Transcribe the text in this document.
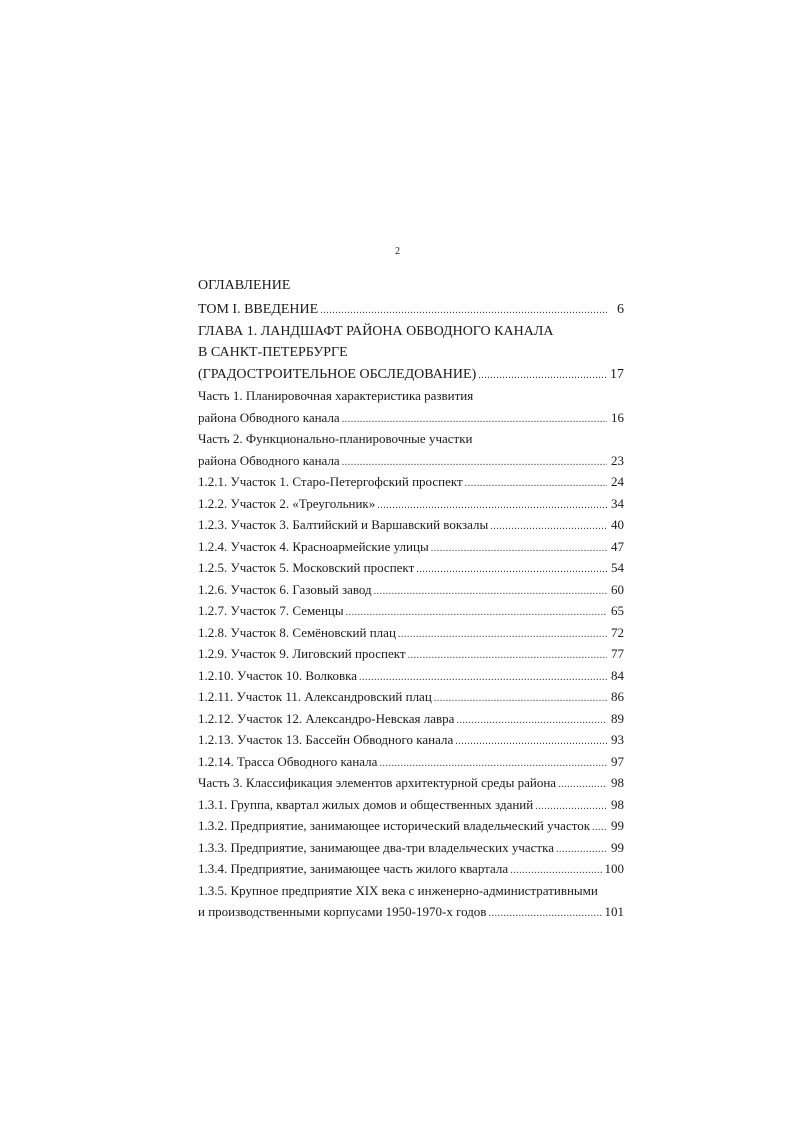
2
ОГЛАВЛЕНИЕ
ТОМ I. ВВЕДЕНИЕ .....	6
ГЛАВА 1. ЛАНДШАФТ РАЙОНА ОБВОДНОГО КАНАЛА
В САНКТ-ПЕТЕРБУРГЕ
(ГРАДОСТРОИТЕЛЬНОЕ ОБСЛЕДОВАНИЕ) .....	17
Часть 1. Планировочная характеристика развития
района Обводного канала .....	16
Часть 2. Функционально-планировочные участки
района Обводного канала .....	23
1.2.1. Участок 1. Старо-Петергофский проспект .....	24
1.2.2. Участок 2. «Треугольник» .....	34
1.2.3. Участок 3. Балтийский и Варшавский вокзалы .....	40
1.2.4. Участок 4. Красноармейские улицы .....	47
1.2.5. Участок 5. Московский проспект .....	54
1.2.6. Участок 6. Газовый завод .....	60
1.2.7. Участок 7. Семенцы .....	65
1.2.8. Участок 8. Семёновский плац .....	72
1.2.9. Участок 9. Лиговский проспект .....	77
1.2.10. Участок 10. Волковка .....	84
1.2.11. Участок 11. Александровский плац .....	86
1.2.12. Участок 12. Александро-Невская лавра .....	89
1.2.13. Участок 13. Бассейн Обводного канала .....	93
1.2.14. Трасса Обводного канала .....	97
Часть 3. Классификация элементов архитектурной среды района .....	98
1.3.1. Группа, квартал жилых домов и общественных зданий .....	98
1.3.2. Предприятие, занимающее исторический владельческий участок ..... 99
1.3.3. Предприятие, занимающее два-три владельческих участка .....	99
1.3.4. Предприятие, занимающее часть жилого квартала .....	100
1.3.5. Крупное предприятие XIX века с инженерно-административными
и производственными корпусами 1950-1970-х годов .....	101
